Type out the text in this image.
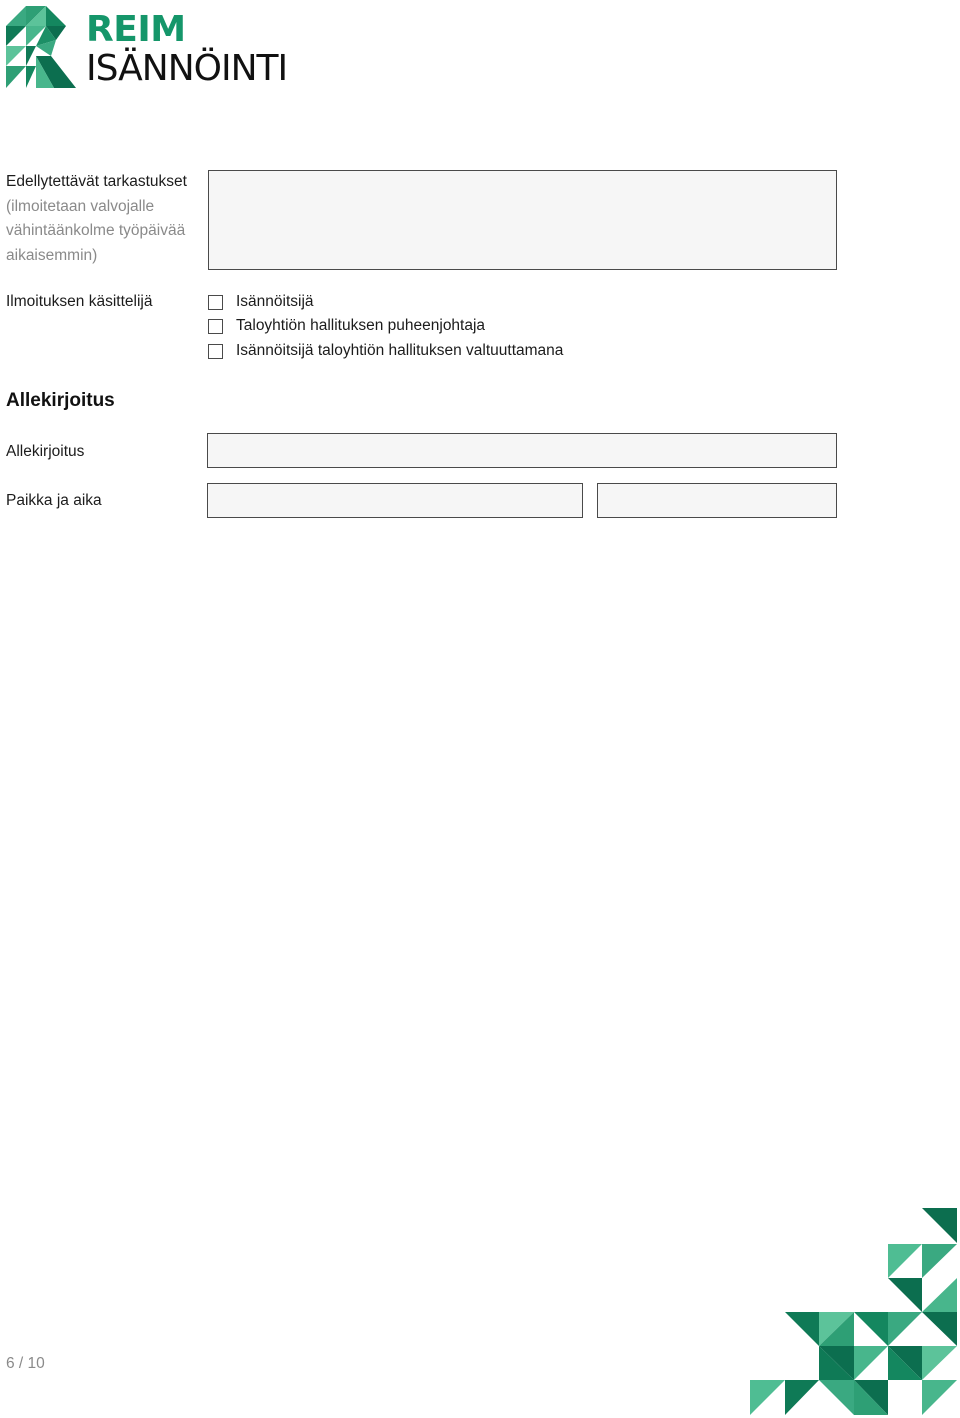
REIM
ISÄNNÖINTI
Edellytettävät tarkastukset
(ilmoitetaan valvojalle vähintäänkolme työpäivää aikaisemmin)
Ilmoituksen käsittelijä	Isännöitsijä
Taloyhtiön hallituksen puheenjohtaja
Isännöitsijä taloyhtiön hallituksen valtuuttamana
Allekirjoitus
Allekirjoitus
Paikka ja aika
6 / 10
